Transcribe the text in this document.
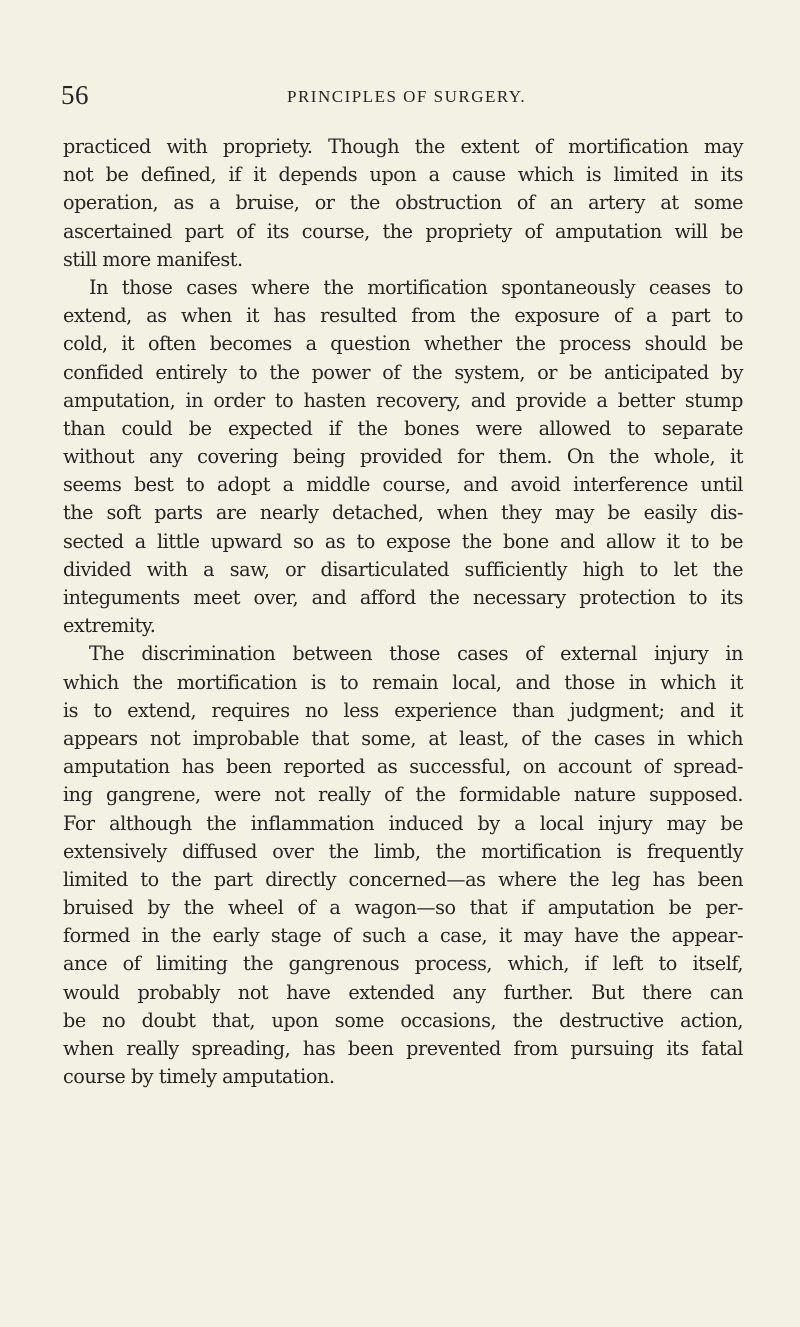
56	PRINCIPLES OF SURGERY.
practiced with propriety. Though the extent of mortification may
not be defined, if it depends upon a cause which is limited in its
operation, as a bruise, or the obstruction of an artery at some
ascertained part of its course, the propriety of amputation will be
still more manifest.
In those cases where the mortification spontaneously ceases to
extend, as when it has resulted from the exposure of a part to
cold, it often becomes a question whether the process should be
confided entirely to the power of the system, or be anticipated by
amputation, in order to hasten recovery, and provide a better stump
than could be expected if the bones were allowed to separate
without any covering being provided for them. On the whole, it
seems best to adopt a middle course, and avoid interference until
the soft parts are nearly detached, when they may be easily dis-
sected a little upward so as to expose the bone and allow it to be
divided with a saw, or disarticulated sufficiently high to let the
integuments meet over, and afford the necessary protection to its
extremity.
The discrimination between those cases of external injury in
which the mortification is to remain local, and those in which it
is to extend, requires no less experience than judgment; and it
appears not improbable that some, at least, of the cases in which
amputation has been reported as successful, on account of spread-
ing gangrene, were not really of the formidable nature supposed.
For although the inflammation induced by a local injury may be
extensively diffused over the limb, the mortification is frequently
limited to the part directly concerned—as where the leg has been
bruised by the wheel of a wagon—so that if amputation be per-
formed in the early stage of such a case, it may have the appear-
ance of limiting the gangrenous process, which, if left to itself,
would probably not have extended any further. But there can
be no doubt that, upon some occasions, the destructive action,
when really spreading, has been prevented from pursuing its fatal
course by timely amputation.
